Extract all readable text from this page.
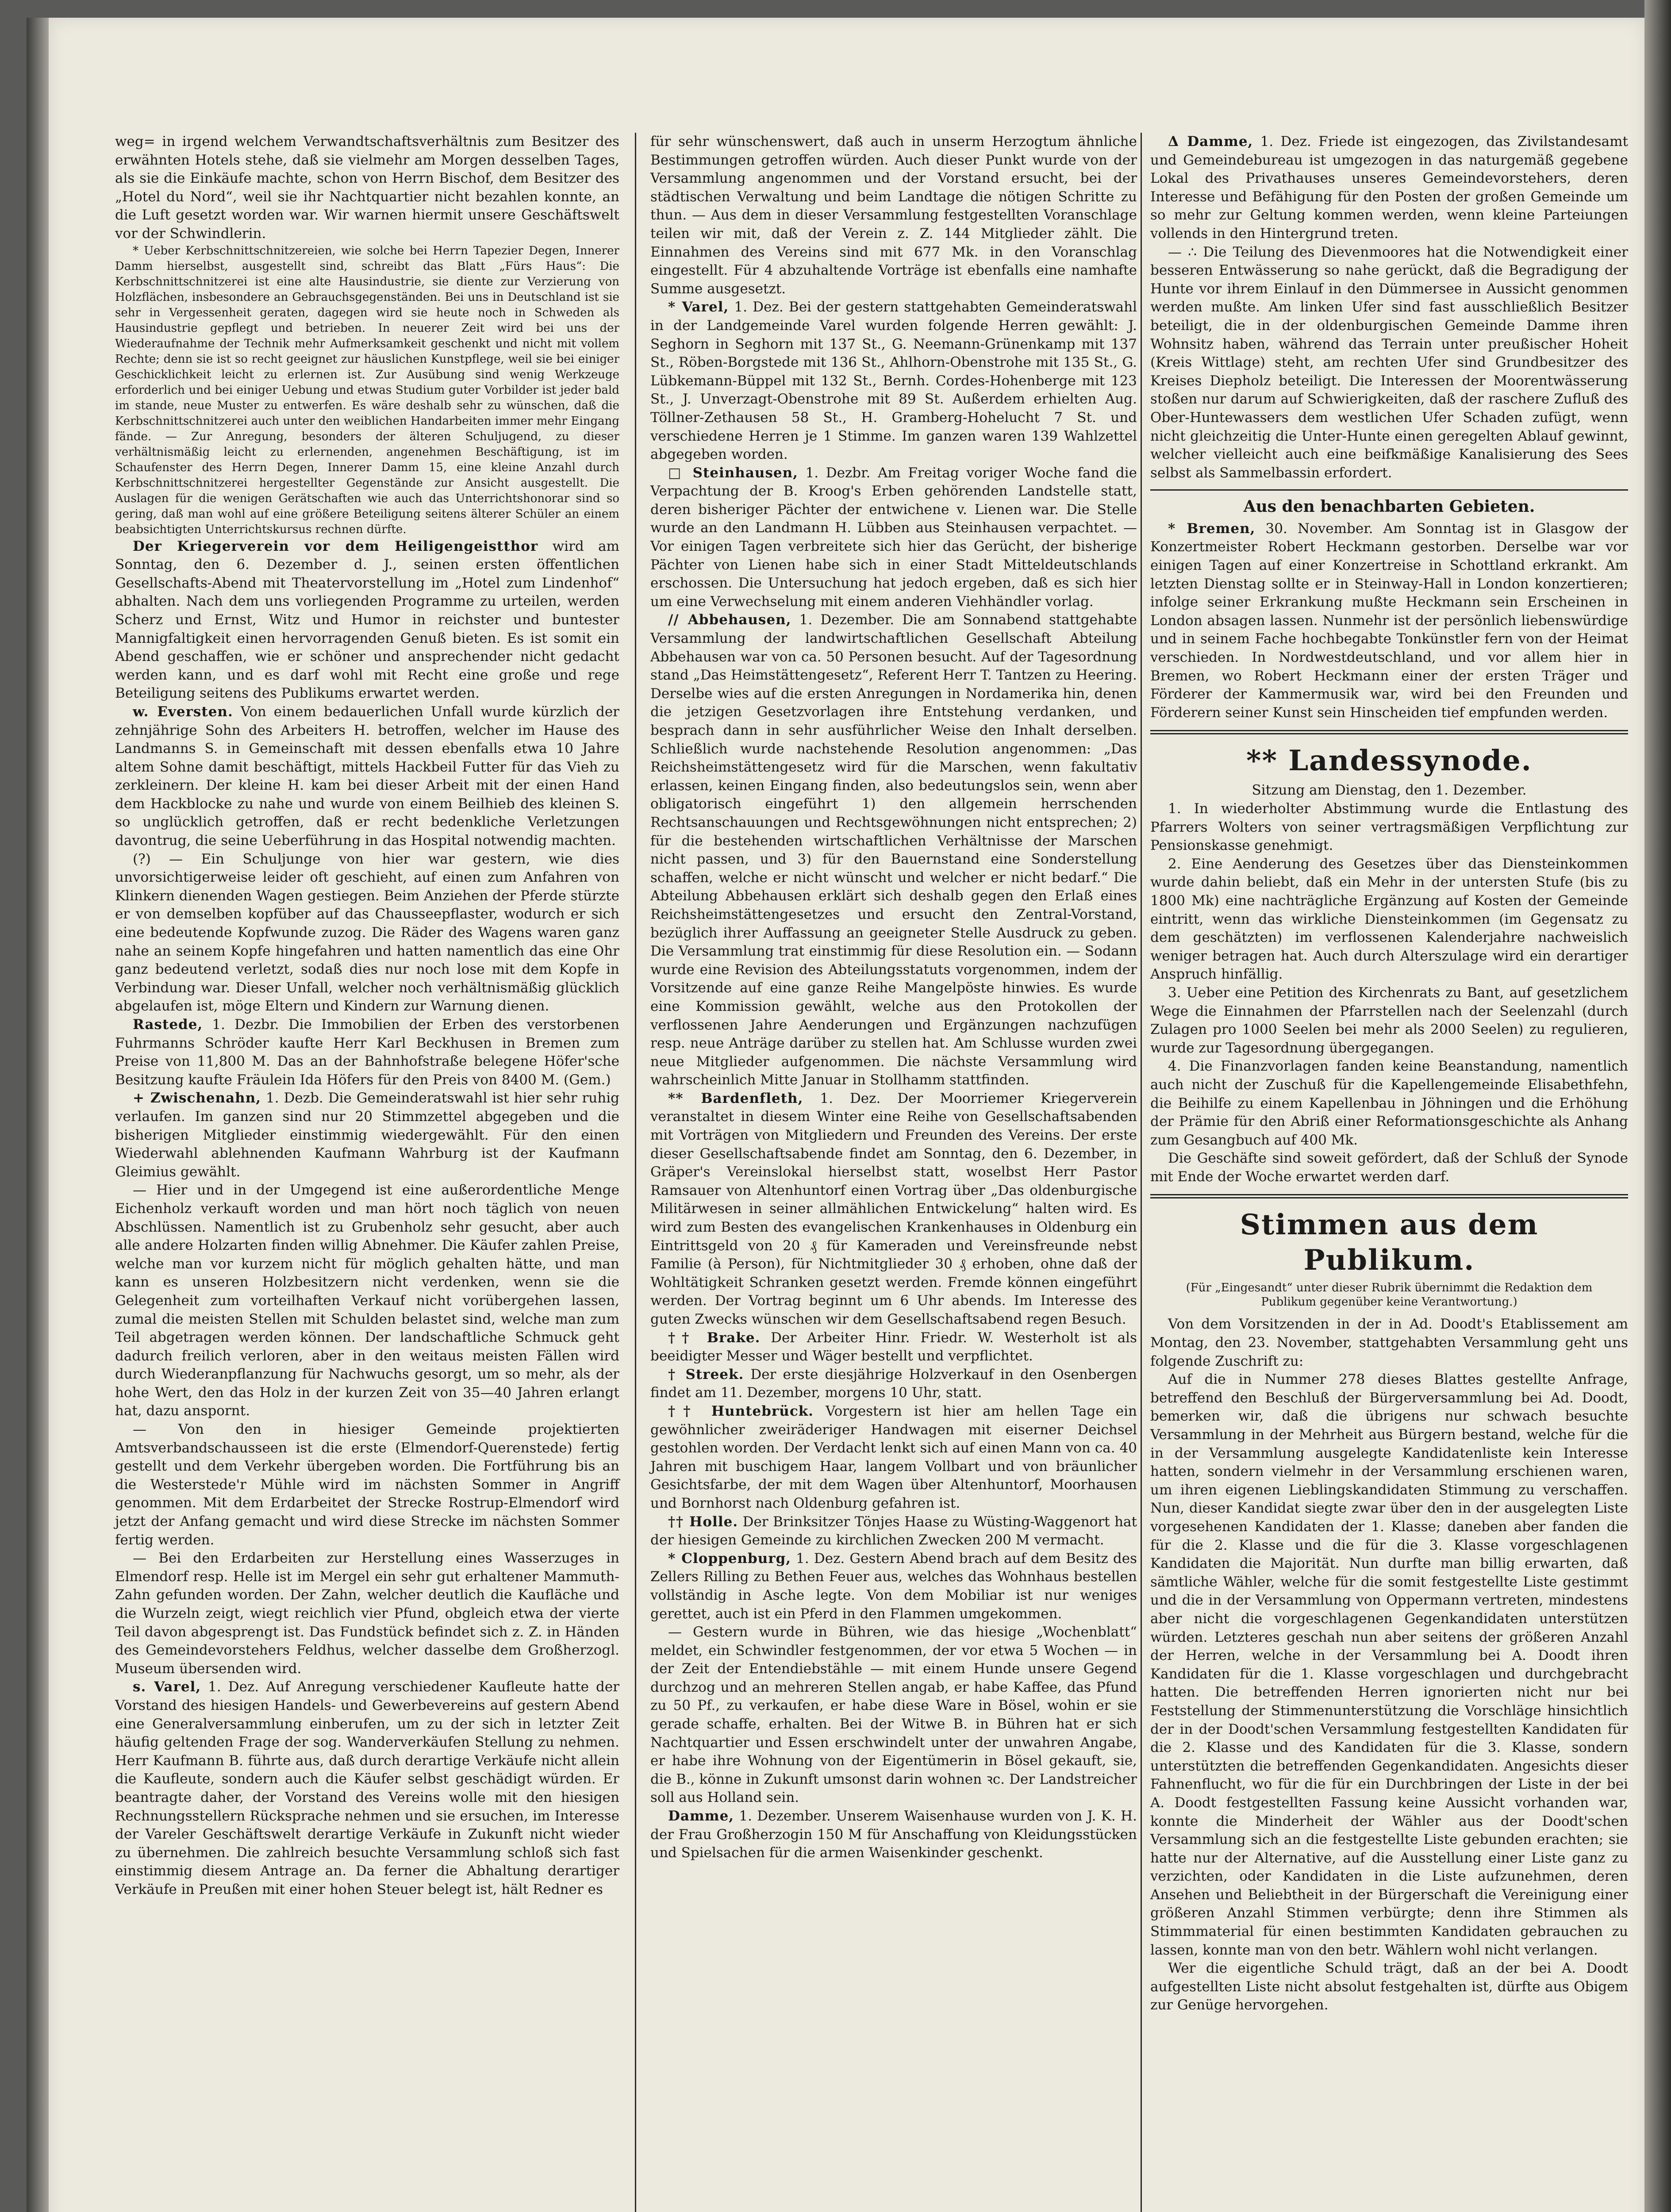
weg= in irgend welchem Verwandtschaftsverhältnis zum Besitzer des erwähnten Hotels stehe, daß sie vielmehr am Morgen desselben Tages, als sie die Einkäufe machte, schon von Herrn Bischof, dem Besitzer des „Hotel du Nord“, weil sie ihr Nachtquartier nicht bezahlen konnte, an die Luft gesetzt worden war. Wir warnen hiermit unsere Geschäftswelt vor der Schwindlerin.

* Ueber Kerbschnittschnitzereien, wie solche bei Herrn Tapezier Degen, Innerer Damm hierselbst, ausgestellt sind, schreibt das Blatt „Fürs Haus“: Die Kerbschnittschnitzerei ist eine alte Hausindustrie, sie diente zur Verzierung von Holzflächen, insbesondere an Gebrauchsgegenständen. Bei uns in Deutschland ist sie sehr in Vergessenheit geraten, dagegen wird sie heute noch in Schweden als Hausindustrie gepflegt und betrieben. In neuerer Zeit wird bei uns der Wiederaufnahme der Technik mehr Aufmerksamkeit geschenkt und nicht mit vollem Rechte; denn sie ist so recht geeignet zur häuslichen Kunstpflege, weil sie bei einiger Geschicklichkeit leicht zu erlernen ist. Zur Ausübung sind wenig Werkzeuge erforderlich und bei einiger Uebung und etwas Studium guter Vorbilder ist jeder bald im stande, neue Muster zu entwerfen. Es wäre deshalb sehr zu wünschen, daß die Kerbschnittschnitzerei auch unter den weiblichen Handarbeiten immer mehr Eingang fände. — Zur Anregung, besonders der älteren Schuljugend, zu dieser verhältnismäßig leicht zu erlernenden, angenehmen Beschäftigung, ist im Schaufenster des Herrn Degen, Innerer Damm 15, eine kleine Anzahl durch Kerbschnittschnitzerei hergestellter Gegenstände zur Ansicht ausgestellt. Die Auslagen für die wenigen Gerätschaften wie auch das Unterrichtshonorar sind so gering, daß man wohl auf eine größere Beteiligung seitens älterer Schüler an einem beabsichtigten Unterrichtskursus rechnen dürfte.

Der Kriegerverein vor dem Heiligengeistthor wird am Sonntag, den 6. Dezember d. J., seinen ersten öffentlichen Gesellschafts-Abend mit Theatervorstellung im „Hotel zum Lindenhof“ abhalten. Nach dem uns vorliegenden Programme zu urteilen, werden Scherz und Ernst, Witz und Humor in reichster und buntester Mannigfaltigkeit einen hervorragenden Genuß bieten. Es ist somit ein Abend geschaffen, wie er schöner und ansprechender nicht gedacht werden kann, und es darf wohl mit Recht eine große und rege Beteiligung seitens des Publikums erwartet werden.

w. Eversten. Von einem bedauerlichen Unfall wurde kürzlich der zehnjährige Sohn des Arbeiters H. betroffen, welcher im Hause des Landmanns S. in Gemeinschaft mit dessen ebenfalls etwa 10 Jahre altem Sohne damit beschäftigt, mittels Hackbeil Futter für das Vieh zu zerkleinern. Der kleine H. kam bei dieser Arbeit mit der einen Hand dem Hackblocke zu nahe und wurde von einem Beilhieb des kleinen S. so unglücklich getroffen, daß er recht bedenkliche Verletzungen davontrug, die seine Ueberführung in das Hospital notwendig machten.

(?) — Ein Schuljunge von hier war gestern, wie dies unvorsichtigerweise leider oft geschieht, auf einen zum Anfahren von Klinkern dienenden Wagen gestiegen. Beim Anziehen der Pferde stürzte er von demselben kopfüber auf das Chausseepflaster, wodurch er sich eine bedeutende Kopfwunde zuzog. Die Räder des Wagens waren ganz nahe an seinem Kopfe hingefahren und hatten namentlich das eine Ohr ganz bedeutend verletzt, sodaß dies nur noch lose mit dem Kopfe in Verbindung war. Dieser Unfall, welcher noch verhältnismäßig glücklich abgelaufen ist, möge Eltern und Kindern zur Warnung dienen.

Rastede, 1. Dezbr. Die Immobilien der Erben des verstorbenen Fuhrmanns Schröder kaufte Herr Karl Beckhusen in Bremen zum Preise von 11,800 M. Das an der Bahnhofstraße belegene Höfer'sche Besitzung kaufte Fräulein Ida Höfers für den Preis von 8400 M. (Gem.)

+ Zwischenahn, 1. Dezb. Die Gemeinderatswahl ist hier sehr ruhig verlaufen. Im ganzen sind nur 20 Stimmzettel abgegeben und die bisherigen Mitglieder einstimmig wiedergewählt. Für den einen Wiederwahl ablehnenden Kaufmann Wahrburg ist der Kaufmann Gleimius gewählt.

— Hier und in der Umgegend ist eine außerordentliche Menge Eichenholz verkauft worden und man hört noch täglich von neuen Abschlüssen. Namentlich ist zu Grubenholz sehr gesucht, aber auch alle andere Holzarten finden willig Abnehmer. Die Käufer zahlen Preise, welche man vor kurzem nicht für möglich gehalten hätte, und man kann es unseren Holzbesitzern nicht verdenken, wenn sie die Gelegenheit zum vorteilhaften Verkauf nicht vorübergehen lassen, zumal die meisten Stellen mit Schulden belastet sind, welche man zum Teil abgetragen werden können. Der landschaftliche Schmuck geht dadurch freilich verloren, aber in den weitaus meisten Fällen wird durch Wiederanpflanzung für Nachwuchs gesorgt, um so mehr, als der hohe Wert, den das Holz in der kurzen Zeit von 35—40 Jahren erlangt hat, dazu anspornt.

— Von den in hiesiger Gemeinde projektierten Amtsverbandschausseen ist die erste (Elmendorf-Querenstede) fertig gestellt und dem Verkehr übergeben worden. Die Fortführung bis an die Westerstede'r Mühle wird im nächsten Sommer in Angriff genommen. Mit dem Erdarbeitet der Strecke Rostrup-Elmendorf wird jetzt der Anfang gemacht und wird diese Strecke im nächsten Sommer fertig werden.

— Bei den Erdarbeiten zur Herstellung eines Wasserzuges in Elmendorf resp. Helle ist im Mergel ein sehr gut erhaltener Mammuth-Zahn gefunden worden. Der Zahn, welcher deutlich die Kaufläche und die Wurzeln zeigt, wiegt reichlich vier Pfund, obgleich etwa der vierte Teil davon abgesprengt ist. Das Fundstück befindet sich z. Z. in Händen des Gemeindevorstehers Feldhus, welcher dasselbe dem Großherzogl. Museum übersenden wird.

s. Varel, 1. Dez. Auf Anregung verschiedener Kaufleute hatte der Vorstand des hiesigen Handels- und Gewerbevereins auf gestern Abend eine Generalversammlung einberufen, um zu der sich in letzter Zeit häufig geltenden Frage der sog. Wanderverkäufen Stellung zu nehmen. Herr Kaufmann B. führte aus, daß durch derartige Verkäufe nicht allein die Kaufleute, sondern auch die Käufer selbst geschädigt würden. Er beantragte daher, der Vorstand des Vereins wolle mit den hiesigen Rechnungsstellern Rücksprache nehmen und sie ersuchen, im Interesse der Vareler Geschäftswelt derartige Verkäufe in Zukunft nicht wieder zu übernehmen. Die zahlreich besuchte Versammlung schloß sich fast einstimmig diesem Antrage an. Da ferner die Abhaltung derartiger Verkäufe in Preußen mit einer hohen Steuer belegt ist, hält Redner es

für sehr wünschenswert, daß auch in unserm Herzogtum ähnliche Bestimmungen getroffen würden. Auch dieser Punkt wurde von der Versammlung angenommen und der Vorstand ersucht, bei der städtischen Verwaltung und beim Landtage die nötigen Schritte zu thun. — Aus dem in dieser Versammlung festgestellten Voranschlage teilen wir mit, daß der Verein z. Z. 144 Mitglieder zählt. Die Einnahmen des Vereins sind mit 677 Mk. in den Voranschlag eingestellt. Für 4 abzuhaltende Vorträge ist ebenfalls eine namhafte Summe ausgesetzt.

* Varel, 1. Dez. Bei der gestern stattgehabten Gemeinderatswahl in der Landgemeinde Varel wurden folgende Herren gewählt: J. Seghorn in Seghorn mit 137 St., G. Neemann-Grünenkamp mit 137 St., Röben-Borgstede mit 136 St., Ahlhorn-Obenstrohe mit 135 St., G. Lübkemann-Büppel mit 132 St., Bernh. Cordes-Hohenberge mit 123 St., J. Unverzagt-Obenstrohe mit 89 St. Außerdem erhielten Aug. Töllner-Zethausen 58 St., H. Gramberg-Hohelucht 7 St. und verschiedene Herren je 1 Stimme. Im ganzen waren 139 Wahlzettel abgegeben worden.

□ Steinhausen, 1. Dezbr. Am Freitag voriger Woche fand die Verpachtung der B. Kroog's Erben gehörenden Landstelle statt, deren bisheriger Pächter der entwichene v. Lienen war. Die Stelle wurde an den Landmann H. Lübben aus Steinhausen verpachtet. — Vor einigen Tagen verbreitete sich hier das Gerücht, der bisherige Pächter von Lienen habe sich in einer Stadt Mitteldeutschlands erschossen. Die Untersuchung hat jedoch ergeben, daß es sich hier um eine Verwechselung mit einem anderen Viehhändler vorlag.

// Abbehausen, 1. Dezember. Die am Sonnabend stattgehabte Versammlung der landwirtschaftlichen Gesellschaft Abteilung Abbehausen war von ca. 50 Personen besucht. Auf der Tagesordnung stand „Das Heimstättengesetz“, Referent Herr T. Tantzen zu Heering. Derselbe wies auf die ersten Anregungen in Nordamerika hin, denen die jetzigen Gesetzvorlagen ihre Entstehung verdanken, und besprach dann in sehr ausführlicher Weise den Inhalt derselben. Schließlich wurde nachstehende Resolution angenommen: „Das Reichsheimstättengesetz wird für die Marschen, wenn fakultativ erlassen, keinen Eingang finden, also bedeutungslos sein, wenn aber obligatorisch eingeführt 1) den allgemein herrschenden Rechtsanschauungen und Rechtsgewöhnungen nicht entsprechen; 2) für die bestehenden wirtschaftlichen Verhältnisse der Marschen nicht passen, und 3) für den Bauernstand eine Sonderstellung schaffen, welche er nicht wünscht und welcher er nicht bedarf.“ Die Abteilung Abbehausen erklärt sich deshalb gegen den Erlaß eines Reichsheimstättengesetzes und ersucht den Zentral-Vorstand, bezüglich ihrer Auffassung an geeigneter Stelle Ausdruck zu geben. Die Versammlung trat einstimmig für diese Resolution ein. — Sodann wurde eine Revision des Abteilungsstatuts vorgenommen, indem der Vorsitzende auf eine ganze Reihe Mangelpöste hinwies. Es wurde eine Kommission gewählt, welche aus den Protokollen der verflossenen Jahre Aenderungen und Ergänzungen nachzufügen resp. neue Anträge darüber zu stellen hat. Am Schlusse wurden zwei neue Mitglieder aufgenommen. Die nächste Versammlung wird wahrscheinlich Mitte Januar in Stollhamm stattfinden.

** Bardenfleth, 1. Dez. Der Moorriemer Kriegerverein veranstaltet in diesem Winter eine Reihe von Gesellschaftsabenden mit Vorträgen von Mitgliedern und Freunden des Vereins. Der erste dieser Gesellschaftsabende findet am Sonntag, den 6. Dezember, in Gräper's Vereinslokal hierselbst statt, woselbst Herr Pastor Ramsauer von Altenhuntorf einen Vortrag über „Das oldenburgische Militärwesen in seiner allmählichen Entwickelung“ halten wird. Es wird zum Besten des evangelischen Krankenhauses in Oldenburg ein Eintrittsgeld von 20 ₰ für Kameraden und Vereinsfreunde nebst Familie (à Person), für Nichtmitglieder 30 ₰ erhoben, ohne daß der Wohltätigkeit Schranken gesetzt werden. Fremde können eingeführt werden. Der Vortrag beginnt um 6 Uhr abends. Im Interesse des guten Zwecks wünschen wir dem Gesellschaftsabend regen Besuch.

†† Brake. Der Arbeiter Hinr. Friedr. W. Westerholt ist als beeidigter Messer und Wäger bestellt und verpflichtet.

† Streek. Der erste diesjährige Holzverkauf in den Osenbergen findet am 11. Dezember, morgens 10 Uhr, statt.

†† Huntebrück. Vorgestern ist hier am hellen Tage ein gewöhnlicher zweiräderiger Handwagen mit eiserner Deichsel gestohlen worden. Der Verdacht lenkt sich auf einen Mann von ca. 40 Jahren mit buschigem Haar, langem Vollbart und von bräunlicher Gesichtsfarbe, der mit dem Wagen über Altenhuntorf, Moorhausen und Bornhorst nach Oldenburg gefahren ist.

†† Holle. Der Brinksitzer Tönjes Haase zu Wüsting-Waggenort hat der hiesigen Gemeinde zu kirchlichen Zwecken 200 M vermacht.

* Cloppenburg, 1. Dez. Gestern Abend brach auf dem Besitz des Zellers Rilling zu Bethen Feuer aus, welches das Wohnhaus bestellen vollständig in Asche legte. Von dem Mobiliar ist nur weniges gerettet, auch ist ein Pferd in den Flammen umgekommen.

— Gestern wurde in Bühren, wie das hiesige „Wochenblatt“ meldet, ein Schwindler festgenommen, der vor etwa 5 Wochen — in der Zeit der Entendiebstähle — mit einem Hunde unsere Gegend durchzog und an mehreren Stellen angab, er habe Kaffee, das Pfund zu 50 Pf., zu verkaufen, er habe diese Ware in Bösel, wohin er sie gerade schaffe, erhalten. Bei der Witwe B. in Bühren hat er sich Nachtquartier und Essen erschwindelt unter der unwahren Angabe, er habe ihre Wohnung von der Eigentümerin in Bösel gekauft, sie, die B., könne in Zukunft umsonst darin wohnen ꝛc. Der Landstreicher soll aus Holland sein.

Damme, 1. Dezember. Unserem Waisenhause wurden von J. K. H. der Frau Großherzogin 150 M für Anschaffung von Kleidungsstücken und Spielsachen für die armen Waisenkinder geschenkt.

Δ Damme, 1. Dez. Friede ist eingezogen, das Zivilstandesamt und Gemeindebureau ist umgezogen in das naturgemäß gegebene Lokal des Privathauses unseres Gemeindevorstehers, deren Interesse und Befähigung für den Posten der großen Gemeinde um so mehr zur Geltung kommen werden, wenn kleine Parteiungen vollends in den Hintergrund treten.

— ∴ Die Teilung des Dievenmoores hat die Notwendigkeit einer besseren Entwässerung so nahe gerückt, daß die Begradigung der Hunte vor ihrem Einlauf in den Dümmersee in Aussicht genommen werden mußte. Am linken Ufer sind fast ausschließlich Besitzer beteiligt, die in der oldenburgischen Gemeinde Damme ihren Wohnsitz haben, während das Terrain unter preußischer Hoheit (Kreis Wittlage) steht, am rechten Ufer sind Grundbesitzer des Kreises Diepholz beteiligt. Die Interessen der Moorentwässerung stoßen nur darum auf Schwierigkeiten, daß der raschere Zufluß des Ober-Huntewassers dem westlichen Ufer Schaden zufügt, wenn nicht gleichzeitig die Unter-Hunte einen geregelten Ablauf gewinnt, welcher vielleicht auch eine beifkmäßige Kanalisierung des Sees selbst als Sammelbassin erfordert.

Aus den benachbarten Gebieten.

* Bremen, 30. November. Am Sonntag ist in Glasgow der Konzertmeister Robert Heckmann gestorben. Derselbe war vor einigen Tagen auf einer Konzertreise in Schottland erkrankt. Am letzten Dienstag sollte er in Steinway-Hall in London konzertieren; infolge seiner Erkrankung mußte Heckmann sein Erscheinen in London absagen lassen. Nunmehr ist der persönlich liebenswürdige und in seinem Fache hochbegabte Tonkünstler fern von der Heimat verschieden. In Nordwestdeutschland, und vor allem hier in Bremen, wo Robert Heckmann einer der ersten Träger und Förderer der Kammermusik war, wird bei den Freunden und Förderern seiner Kunst sein Hinscheiden tief empfunden werden.

** Landessynode.

Sitzung am Dienstag, den 1. Dezember.

1. In wiederholter Abstimmung wurde die Entlastung des Pfarrers Wolters von seiner vertragsmäßigen Verpflichtung zur Pensionskasse genehmigt.

2. Eine Aenderung des Gesetzes über das Diensteinkommen wurde dahin beliebt, daß ein Mehr in der untersten Stufe (bis zu 1800 Mk) eine nachträgliche Ergänzung auf Kosten der Gemeinde eintritt, wenn das wirkliche Diensteinkommen (im Gegensatz zu dem geschätzten) im verflossenen Kalenderjahre nachweislich weniger betragen hat. Auch durch Alterszulage wird ein derartiger Anspruch hinfällig.

3. Ueber eine Petition des Kirchenrats zu Bant, auf gesetzlichem Wege die Einnahmen der Pfarrstellen nach der Seelenzahl (durch Zulagen pro 1000 Seelen bei mehr als 2000 Seelen) zu regulieren, wurde zur Tagesordnung übergegangen.

4. Die Finanzvorlagen fanden keine Beanstandung, namentlich auch nicht der Zuschuß für die Kapellengemeinde Elisabethfehn, die Beihilfe zu einem Kapellenbau in Jöhningen und die Erhöhung der Prämie für den Abriß einer Reformationsgeschichte als Anhang zum Gesangbuch auf 400 Mk.

Die Geschäfte sind soweit gefördert, daß der Schluß der Synode mit Ende der Woche erwartet werden darf.

Stimmen aus dem Publikum.

(Für „Eingesandt“ unter dieser Rubrik übernimmt die Redaktion dem Publikum gegenüber keine Verantwortung.)

Von dem Vorsitzenden in der in Ad. Doodt's Etablissement am Montag, den 23. November, stattgehabten Versammlung geht uns folgende Zuschrift zu:

Auf die in Nummer 278 dieses Blattes gestellte Anfrage, betreffend den Beschluß der Bürgerversammlung bei Ad. Doodt, bemerken wir, daß die übrigens nur schwach besuchte Versammlung in der Mehrheit aus Bürgern bestand, welche für die in der Versammlung ausgelegte Kandidatenliste kein Interesse hatten, sondern vielmehr in der Versammlung erschienen waren, um ihren eigenen Lieblingskandidaten Stimmung zu verschaffen. Nun, dieser Kandidat siegte zwar über den in der ausgelegten Liste vorgesehenen Kandidaten der 1. Klasse; daneben aber fanden die für die 2. Klasse und die für die 3. Klasse vorgeschlagenen Kandidaten die Majorität. Nun durfte man billig erwarten, daß sämtliche Wähler, welche für die somit festgestellte Liste gestimmt und die in der Versammlung von Oppermann vertreten, mindestens aber nicht die vorgeschlagenen Gegenkandidaten unterstützen würden. Letzteres geschah nun aber seitens der größeren Anzahl der Herren, welche in der Versammlung bei A. Doodt ihren Kandidaten für die 1. Klasse vorgeschlagen und durchgebracht hatten. Die betreffenden Herren ignorierten nicht nur bei Feststellung der Stimmenunterstützung die Vorschläge hinsichtlich der in der Doodt'schen Versammlung festgestellten Kandidaten für die 2. Klasse und des Kandidaten für die 3. Klasse, sondern unterstützten die betreffenden Gegenkandidaten. Angesichts dieser Fahnenflucht, wo für die für ein Durchbringen der Liste in der bei A. Doodt festgestellten Fassung keine Aussicht vorhanden war, konnte die Minderheit der Wähler aus der Doodt'schen Versammlung sich an die festgestellte Liste gebunden erachten; sie hatte nur der Alternative, auf die Ausstellung einer Liste ganz zu verzichten, oder Kandidaten in die Liste aufzunehmen, deren Ansehen und Beliebtheit in der Bürgerschaft die Vereinigung einer größeren Anzahl Stimmen verbürgte; denn ihre Stimmen als Stimmmaterial für einen bestimmten Kandidaten gebrauchen zu lassen, konnte man von den betr. Wählern wohl nicht verlangen.

Wer die eigentliche Schuld trägt, daß an der bei A. Doodt aufgestellten Liste nicht absolut festgehalten ist, dürfte aus Obigem zur Genüge hervorgehen.
